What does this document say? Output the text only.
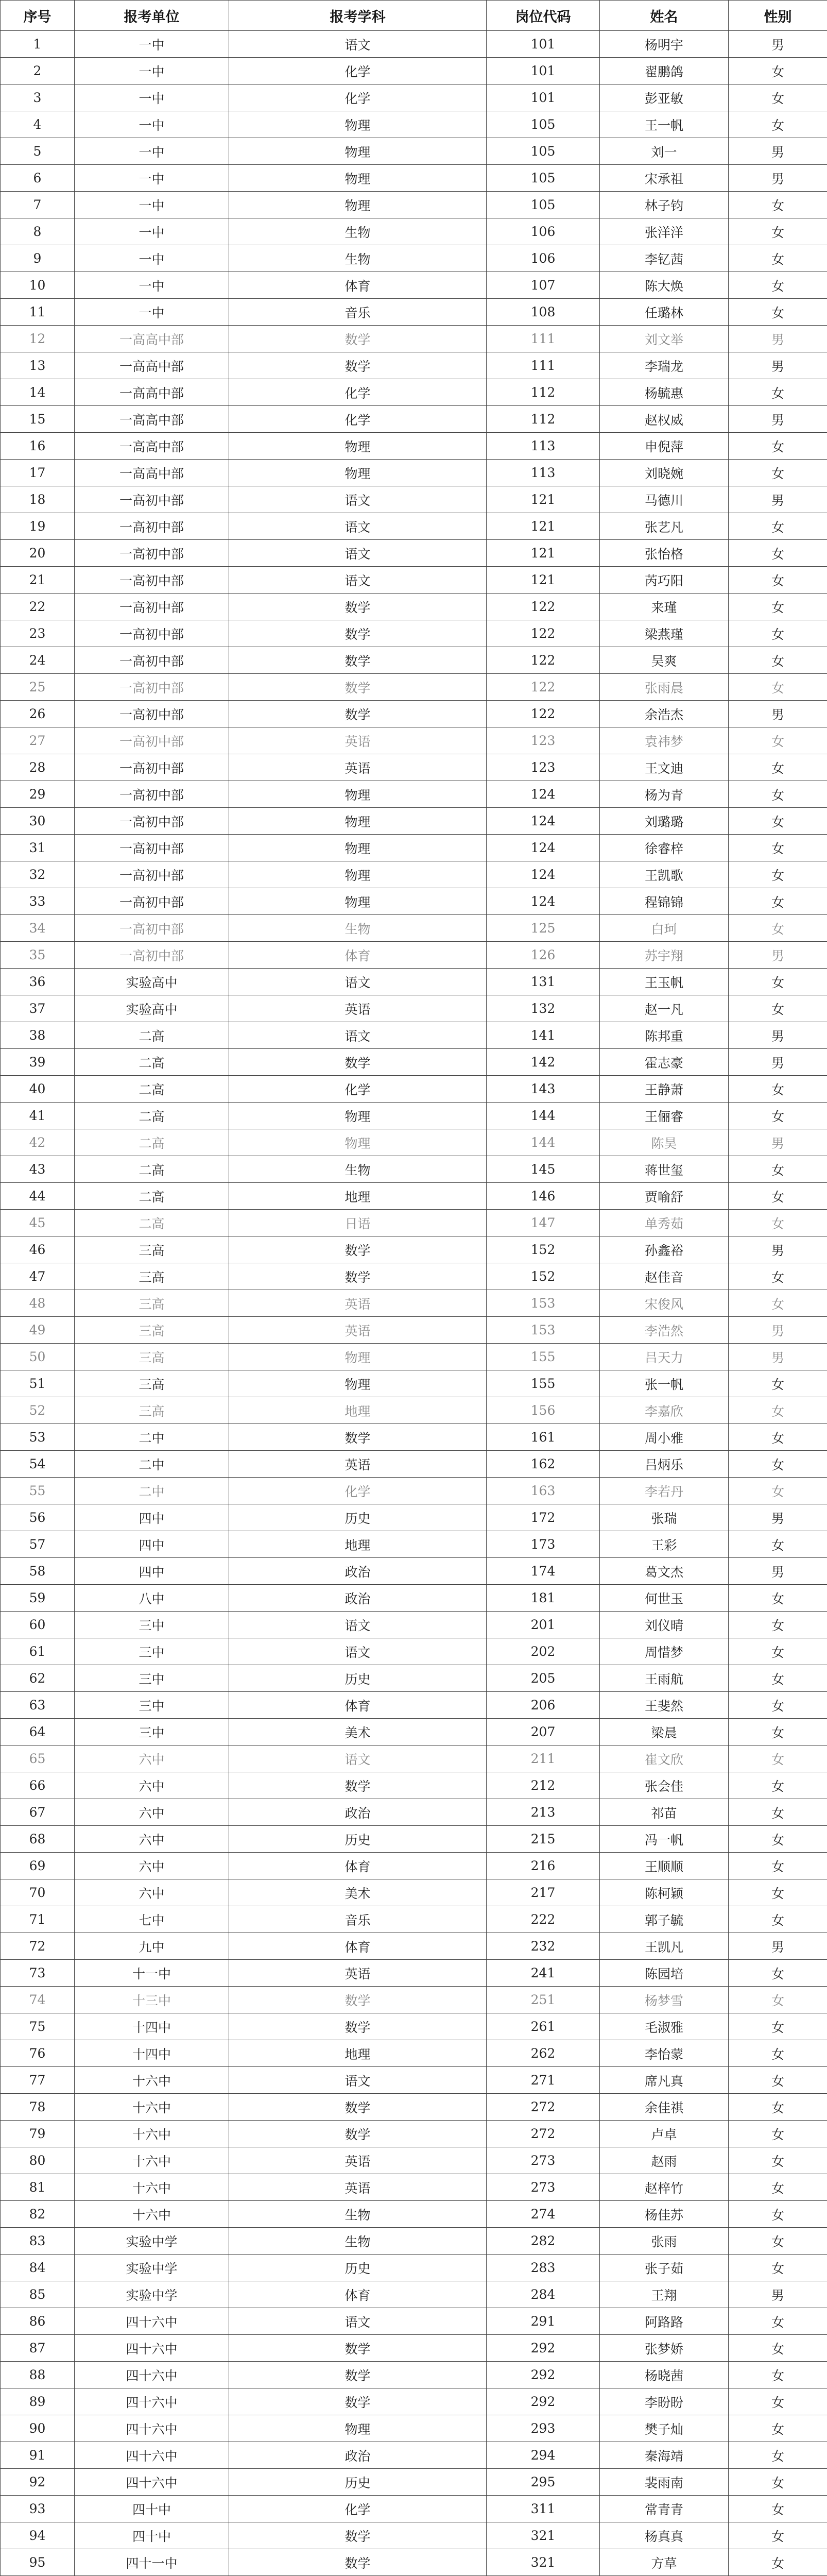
序号	报考单位	报考学科	岗位代码	姓名	性别
1	一中	语文	101	杨明宇	男
2	一中	化学	101	翟鹏鸽	女
3	一中	化学	101	彭亚敏	女
4	一中	物理	105	王一帆	女
5	一中	物理	105	刘一	男
6	一中	物理	105	宋承祖	男
7	一中	物理	105	林子钧	女
8	一中	生物	106	张洋洋	女
9	一中	生物	106	李钇茜	女
10	一中	体育	107	陈大焕	女
11	一中	音乐	108	任璐林	女
12	一高高中部	数学	111	刘文举	男
13	一高高中部	数学	111	李瑞龙	男
14	一高高中部	化学	112	杨毓惠	女
15	一高高中部	化学	112	赵权威	男
16	一高高中部	物理	113	申倪萍	女
17	一高高中部	物理	113	刘晓婉	女
18	一高初中部	语文	121	马德川	男
19	一高初中部	语文	121	张艺凡	女
20	一高初中部	语文	121	张怡格	女
21	一高初中部	语文	121	芮巧阳	女
22	一高初中部	数学	122	来瑾	女
23	一高初中部	数学	122	梁燕瑾	女
24	一高初中部	数学	122	吴爽	女
25	一高初中部	数学	122	张雨晨	女
26	一高初中部	数学	122	余浩杰	男
27	一高初中部	英语	123	袁祎梦	女
28	一高初中部	英语	123	王文迪	女
29	一高初中部	物理	124	杨为青	女
30	一高初中部	物理	124	刘璐璐	女
31	一高初中部	物理	124	徐睿梓	女
32	一高初中部	物理	124	王凯歌	女
33	一高初中部	物理	124	程锦锦	女
34	一高初中部	生物	125	白珂	女
35	一高初中部	体育	126	苏宇翔	男
36	实验高中	语文	131	王玉帆	女
37	实验高中	英语	132	赵一凡	女
38	二高	语文	141	陈邦重	男
39	二高	数学	142	霍志豪	男
40	二高	化学	143	王静萧	女
41	二高	物理	144	王俪睿	女
42	二高	物理	144	陈昊	男
43	二高	生物	145	蒋世玺	女
44	二高	地理	146	贾喻舒	女
45	二高	日语	147	单秀茹	女
46	三高	数学	152	孙鑫裕	男
47	三高	数学	152	赵佳音	女
48	三高	英语	153	宋俊风	女
49	三高	英语	153	李浩然	男
50	三高	物理	155	吕天力	男
51	三高	物理	155	张一帆	女
52	三高	地理	156	李嘉欣	女
53	二中	数学	161	周小雅	女
54	二中	英语	162	吕炳乐	女
55	二中	化学	163	李若丹	女
56	四中	历史	172	张瑞	男
57	四中	地理	173	王彩	女
58	四中	政治	174	葛文杰	男
59	八中	政治	181	何世玉	女
60	三中	语文	201	刘仪晴	女
61	三中	语文	202	周惜梦	女
62	三中	历史	205	王雨航	女
63	三中	体育	206	王斐然	女
64	三中	美术	207	梁晨	女
65	六中	语文	211	崔文欣	女
66	六中	数学	212	张会佳	女
67	六中	政治	213	祁苗	女
68	六中	历史	215	冯一帆	女
69	六中	体育	216	王顺顺	女
70	六中	美术	217	陈柯颖	女
71	七中	音乐	222	郭子毓	女
72	九中	体育	232	王凯凡	男
73	十一中	英语	241	陈园培	女
74	十三中	数学	251	杨梦雪	女
75	十四中	数学	261	毛淑雅	女
76	十四中	地理	262	李怡蒙	女
77	十六中	语文	271	席凡真	女
78	十六中	数学	272	余佳祺	女
79	十六中	数学	272	卢卓	女
80	十六中	英语	273	赵雨	女
81	十六中	英语	273	赵梓竹	女
82	十六中	生物	274	杨佳苏	女
83	实验中学	生物	282	张雨	女
84	实验中学	历史	283	张子茹	女
85	实验中学	体育	284	王翔	男
86	四十六中	语文	291	阿路路	女
87	四十六中	数学	292	张梦娇	女
88	四十六中	数学	292	杨晓茜	女
89	四十六中	数学	292	李盼盼	女
90	四十六中	物理	293	樊子灿	女
91	四十六中	政治	294	秦海靖	女
92	四十六中	历史	295	裴雨南	女
93	四十中	化学	311	常青青	女
94	四十中	数学	321	杨真真	女
95	四十一中	数学	321	方草	女
